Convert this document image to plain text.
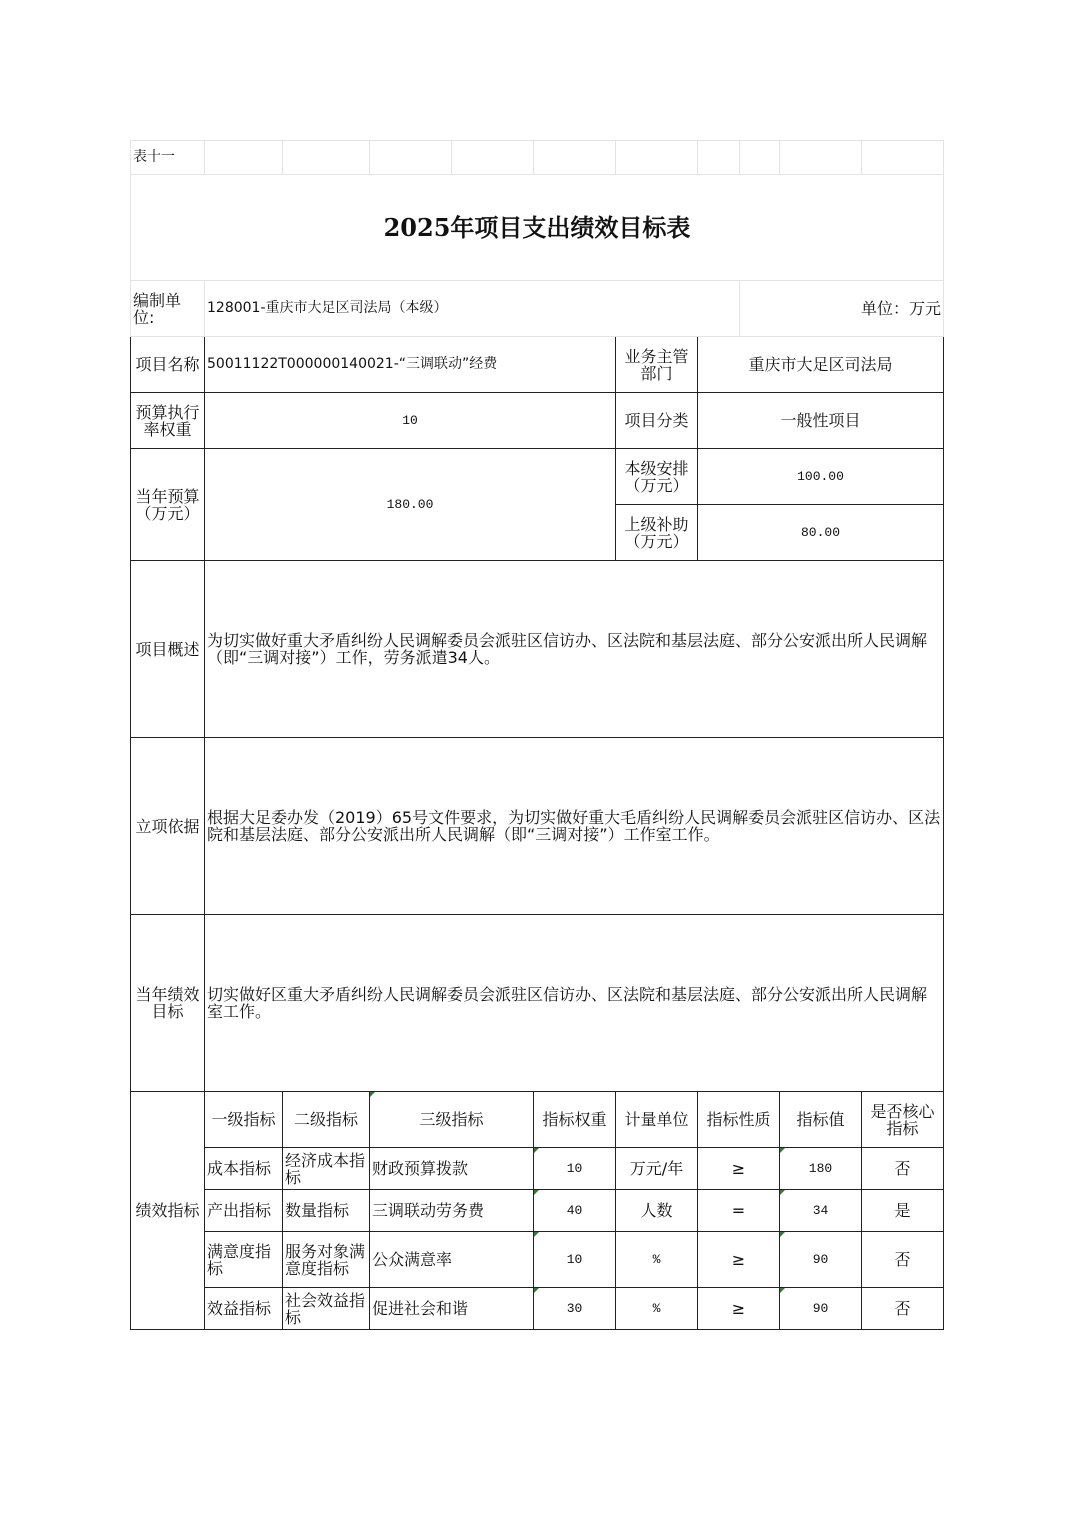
表十一										
2025年项目支出绩效目标表										
编制单位:	128001-重庆市大足区司法局（本级）							单位：万元		
项目名称	50011122T000000140021-“三调联动”经费					业务主管部门	重庆市大足区司法局			
预算执行率权重	10					项目分类	一般性项目			
当年预算（万元）	180.00					本级安排（万元）	100.00			
						上级补助（万元）	80.00			
项目概述	为切实做好重大矛盾纠纷人民调解委员会派驻区信访办、区法院和基层法庭、部分公安派出所人民调解（即“三调对接”）工作，劳务派遣34人。									
立项依据	根据大足委办发（2019）65号文件要求，为切实做好重大毛盾纠纷人民调解委员会派驻区信访办、区法院和基层法庭、部分公安派出所人民调解（即“三调对接”）工作室工作。									
当年绩效目标	切实做好区重大矛盾纠纷人民调解委员会派驻区信访办、区法院和基层法庭、部分公安派出所人民调解室工作。									
绩效指标	一级指标	二级指标	三级指标		指标权重	计量单位	指标性质		指标值	是否核心指标
	成本指标	经济成本指标	财政预算拨款		10	万元/年	≥		180	否
	产出指标	数量指标	三调联动劳务费		40	人数	=		34	是
	满意度指标	服务对象满意度指标	公众满意率		10	%	≥		90	否
	效益指标	社会效益指标	促进社会和谐		30	%	≥		90	否
